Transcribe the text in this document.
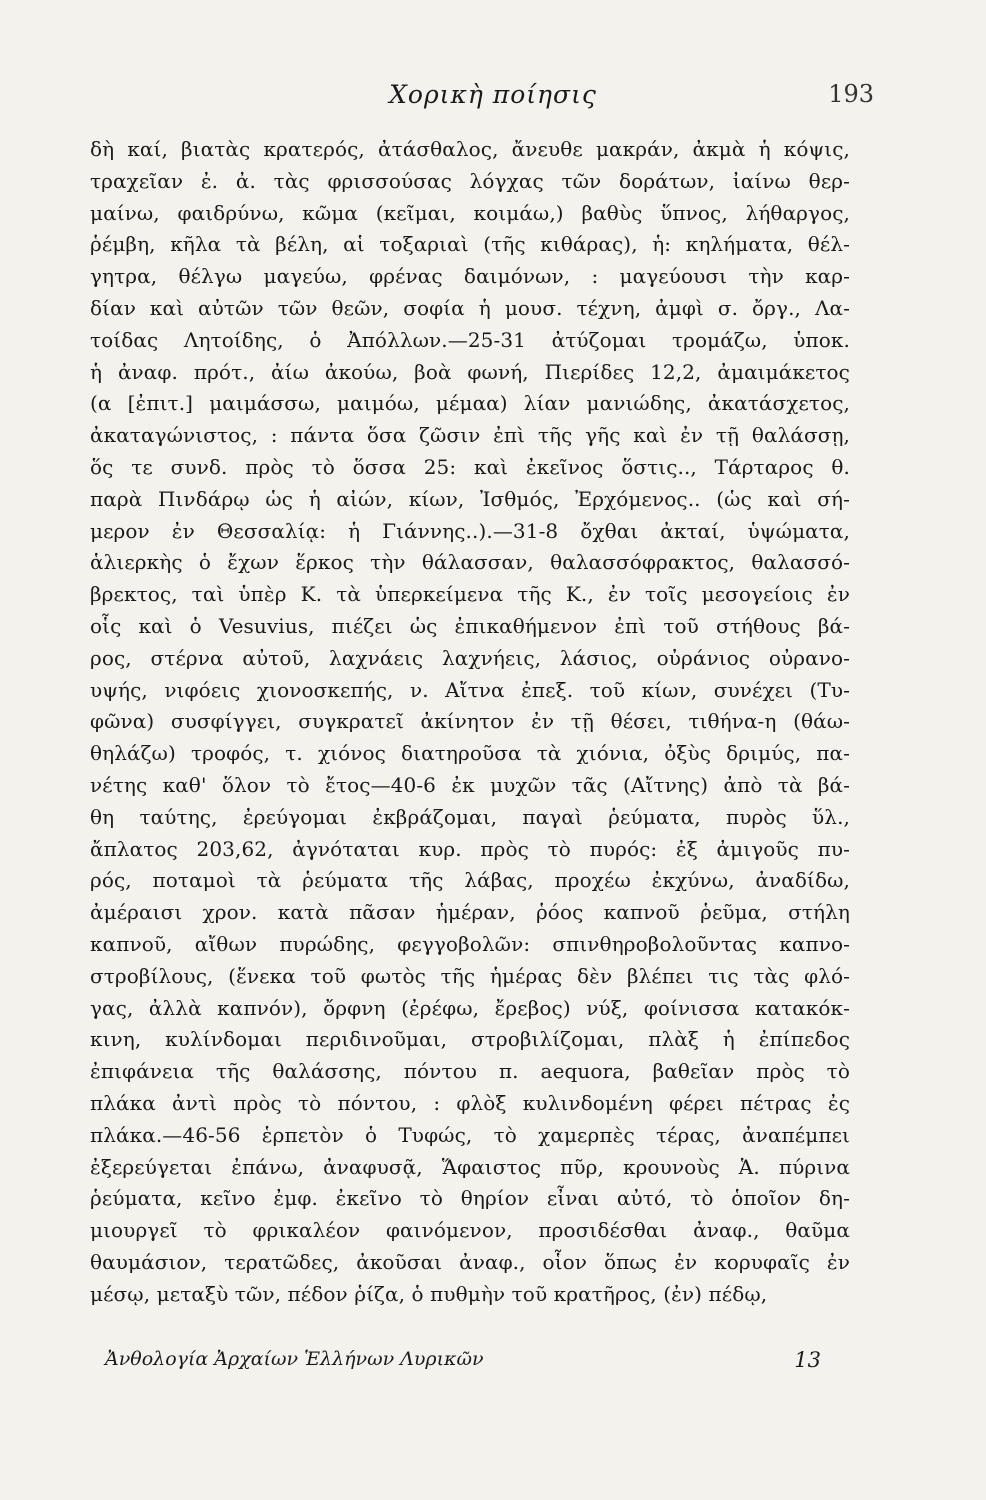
Χορικὴ ποίησις	193
δὴ καί, βιατὰς κρατερός, ἀτάσθαλος, ἄνευθε μακράν, ἀκμὰ ἡ κόψις,
τραχεῖαν ἐ. ἀ. τὰς φρισσούσας λόγχας τῶν δοράτων, ἰαίνω θερ-
μαίνω, φαιδρύνω, κῶμα (κεῖμαι, κοιμάω,) βαθὺς ὕπνος, λήθαργος,
ῥέμβη, κῆλα τὰ βέλη, αἱ τοξαριαὶ (τῆς κιθάρας), ἡ: κηλήματα, θέλ-
γητρα, θέλγω μαγεύω, φρένας δαιμόνων, : μαγεύουσι τὴν καρ-
δίαν καὶ αὐτῶν τῶν θεῶν, σοφία ἡ μουσ. τέχνη, ἀμφὶ σ. ὄργ., Λα-
τοίδας Λητοίδης, ὁ Ἀπόλλων.—25-31 ἀτύζομαι τρομάζω, ὑποκ.
ἡ ἀναφ. πρότ., ἀίω ἀκούω, βοὰ φωνή, Πιερίδες 12,2, ἀμαιμάκετος
(α [ἐπιτ.] μαιμάσσω, μαιμόω, μέμαα) λίαν μανιώδης, ἀκατάσχετος,
ἀκαταγώνιστος, : πάντα ὅσα ζῶσιν ἐπὶ τῆς γῆς καὶ ἐν τῇ θαλάσσῃ,
ὅς τε συνδ. πρὸς τὸ ὅσσα 25: καὶ ἐκεῖνος ὅστις.., Τάρταρος θ.
παρὰ Πινδάρῳ ὡς ἡ αἰών, κίων, Ἰσθμός, Ἐρχόμενος.. (ὡς καὶ σή-
μερον ἐν Θεσσαλίᾳ: ἡ Γιάννης..).—31-8 ὄχθαι ἀκταί, ὑψώματα,
ἁλιερκὴς ὁ ἔχων ἕρκος τὴν θάλασσαν, θαλασσόφρακτος, θαλασσό-
βρεκτος, ταὶ ὑπὲρ Κ. τὰ ὑπερκείμενα τῆς Κ., ἐν τοῖς μεσογείοις ἐν
οἷς καὶ ὁ Vesuvius, πιέζει ὡς ἐπικαθήμενον ἐπὶ τοῦ στήθους βά-
ρος, στέρνα αὐτοῦ, λαχνάεις λαχνήεις, λάσιος, οὐράνιος οὐρανο-
υψής, νιφόεις χιονοσκεπής, ν. Αἴτνα ἐπεξ. τοῦ κίων, συνέχει (Τυ-
φῶνα) συσφίγγει, συγκρατεῖ ἀκίνητον ἐν τῇ θέσει, τιθήνα-η (θάω-
θηλάζω) τροφός, τ. χιόνος διατηροῦσα τὰ χιόνια, ὀξὺς δριμύς, πα-
νέτης καθ' ὅλον τὸ ἔτος—40-6 ἐκ μυχῶν τᾶς (Αἴτνης) ἀπὸ τὰ βά-
θη ταύτης, ἐρεύγομαι ἐκβράζομαι, παγαὶ ῥεύματα, πυρὸς ὕλ.,
ἄπλατος 203,62, ἀγνόταται κυρ. πρὸς τὸ πυρός: ἐξ ἀμιγοῦς πυ-
ρός, ποταμοὶ τὰ ῥεύματα τῆς λάβας, προχέω ἐκχύνω, ἀναδίδω,
ἀμέραισι χρον. κατὰ πᾶσαν ἡμέραν, ῥόος καπνοῦ ῥεῦμα, στήλη
καπνοῦ, αἴθων πυρώδης, φεγγοβολῶν: σπινθηροβολοῦντας καπνο-
στροβίλους, (ἕνεκα τοῦ φωτὸς τῆς ἡμέρας δὲν βλέπει τις τὰς φλό-
γας, ἀλλὰ καπνόν), ὄρφνη (ἐρέφω, ἔρεβος) νύξ, φοίνισσα κατακόκ-
κινη, κυλίνδομαι περιδινοῦμαι, στροβιλίζομαι, πλὰξ ἡ ἐπίπεδος
ἐπιφάνεια τῆς θαλάσσης, πόντου π. aequora, βαθεῖαν πρὸς τὸ
πλάκα ἀντὶ πρὸς τὸ πόντου, : φλὸξ κυλινδομένη φέρει πέτρας ἐς
πλάκα.—46-56 ἑρπετὸν ὁ Τυφώς, τὸ χαμερπὲς τέρας, ἀναπέμπει
ἐξερεύγεται ἐπάνω, ἀναφυσᾷ, Ἅφαιστος πῦρ, κρουνοὺς Ἁ. πύρινα
ῥεύματα, κεῖνο ἐμφ. ἐκεῖνο τὸ θηρίον εἶναι αὐτό, τὸ ὁποῖον δη-
μιουργεῖ τὸ φρικαλέον φαινόμενον, προσιδέσθαι ἀναφ., θαῦμα
θαυμάσιον, τερατῶδες, ἀκοῦσαι ἀναφ., οἷον ὅπως ἐν κορυφαῖς ἐν
μέσῳ, μεταξὺ τῶν, πέδον ῥίζα, ὁ πυθμὴν τοῦ κρατῆρος, (ἐν) πέδῳ,
Ἀνθολογία Ἀρχαίων Ἑλλήνων Λυρικῶν	13
